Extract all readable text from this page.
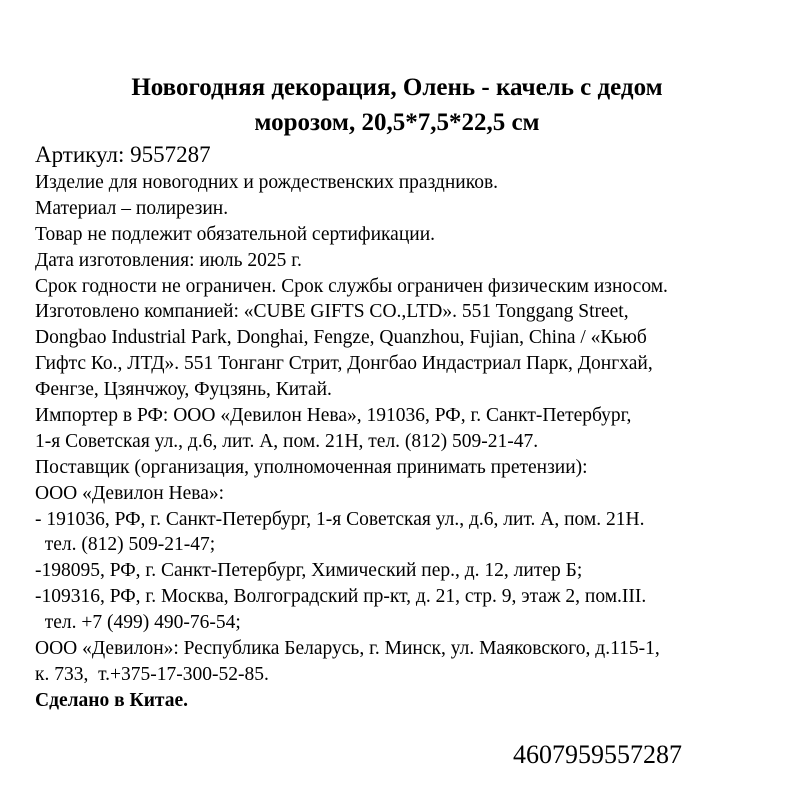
Новогодняя декорация, Олень - качель с дедом
морозом, 20,5*7,5*22,5 см
Артикул: 9557287
Изделие для новогодних и рождественских праздников.
Материал – полирезин.
Товар не подлежит обязательной сертификации.
Дата изготовления: июль 2025 г.
Срок годности не ограничен. Срок службы ограничен физическим износом.
Изготовлено компанией: «CUBE GIFTS CO.,LTD». 551 Tonggang Street,
Dongbao Industrial Park, Donghai, Fengze, Quanzhou, Fujian, China / «Кьюб
Гифтс Ко., ЛТД». 551 Тонганг Стрит, Донгбао Индастриал Парк, Донгхай,
Фенгзе, Цзянчжоу, Фуцзянь, Китай.
Импортер в РФ: ООО «Девилон Нева», 191036, РФ, г. Санкт-Петербург,
1-я Советская ул., д.6, лит. А, пом. 21Н, тел. (812) 509-21-47.
Поставщик (организация, уполномоченная принимать претензии):
ООО «Девилон Нева»:
- 191036, РФ, г. Санкт-Петербург, 1-я Советская ул., д.6, лит. А, пом. 21Н.
тел. (812) 509-21-47;
-198095, РФ, г. Санкт-Петербург, Химический пер., д. 12, литер Б;
-109316, РФ, г. Москва, Волгоградский пр-кт, д. 21, стр. 9, этаж 2, пом.III.
тел. +7 (499) 490-76-54;
ООО «Девилон»: Республика Беларусь, г. Минск, ул. Маяковского, д.115-1,
к. 733,  т.+375-17-300-52-85.
Сделано в Китае.
4607959557287
